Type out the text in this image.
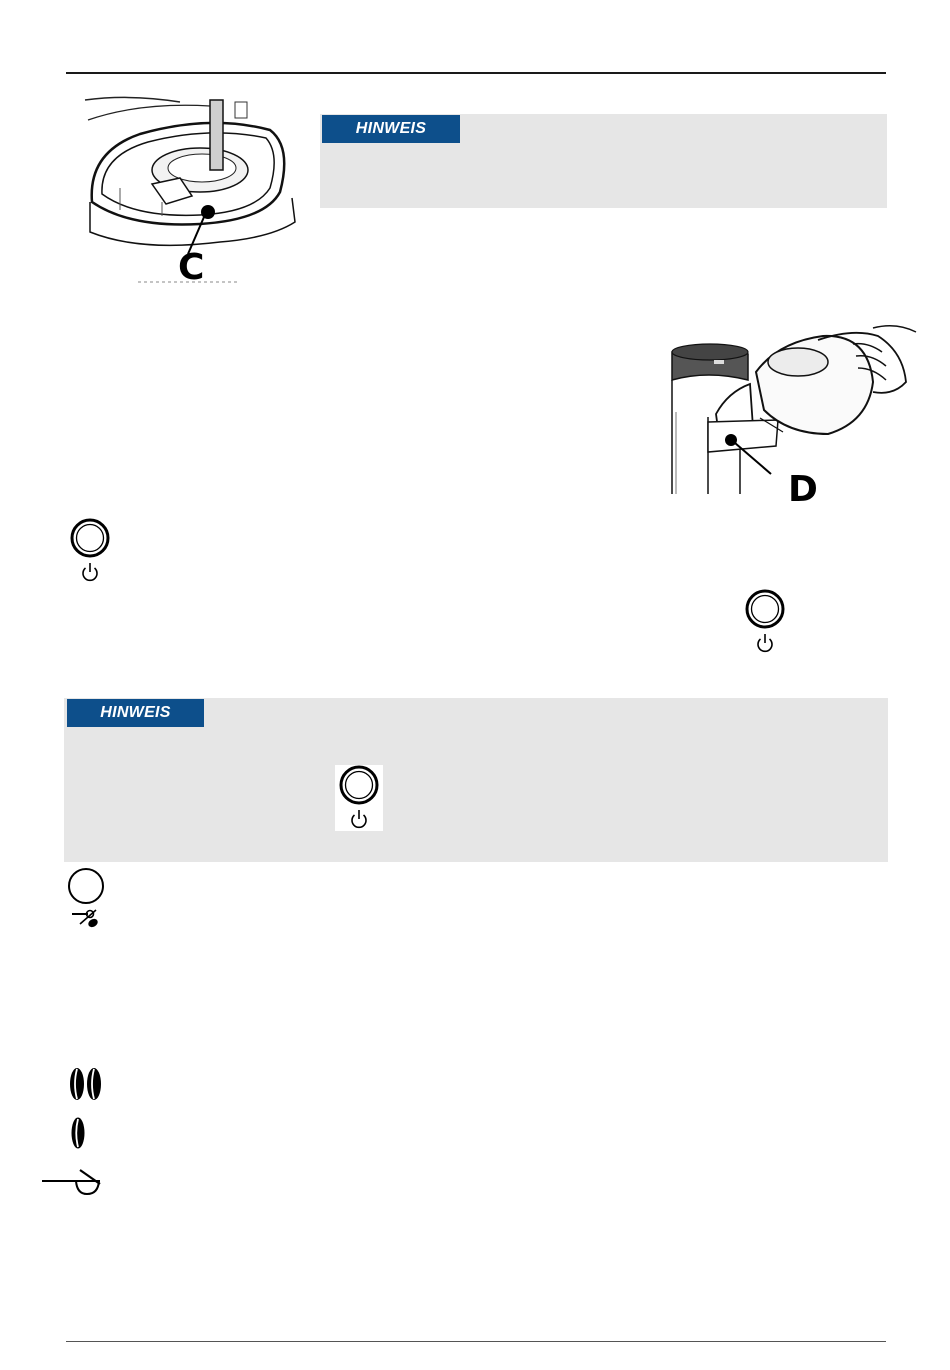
C
HINWEIS
D
HINWEIS
